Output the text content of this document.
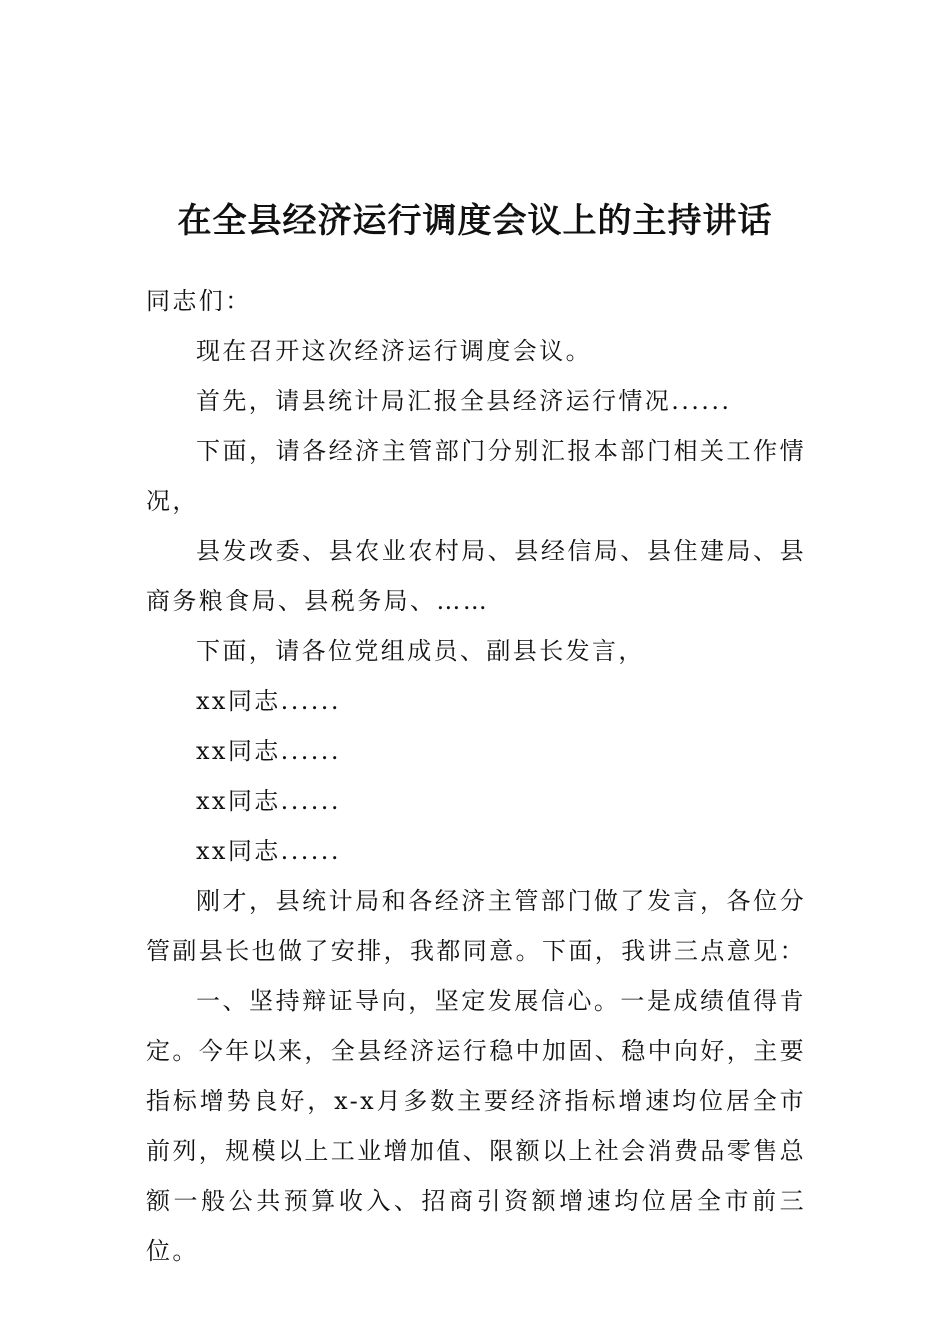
在全县经济运行调度会议上的主持讲话

同志们：

现在召开这次经济运行调度会议。

首先，请县统计局汇报全县经济运行情况......

下面，请各经济主管部门分别汇报本部门相关工作情况，

县发改委、县农业农村局、县经信局、县住建局、县商务粮食局、县税务局、……

下面，请各位党组成员、副县长发言，

xx同志......

xx同志......

xx同志......

xx同志......

刚才，县统计局和各经济主管部门做了发言，各位分管副县长也做了安排，我都同意。下面，我讲三点意见：

一、坚持辩证导向，坚定发展信心。一是成绩值得肯定。今年以来，全县经济运行稳中加固、稳中向好，主要指标增势良好，x-x月多数主要经济指标增速均位居全市前列，规模以上工业增加值、限额以上社会消费品零售总额一般公共预算收入、招商引资额增速均位居全市前三位。
